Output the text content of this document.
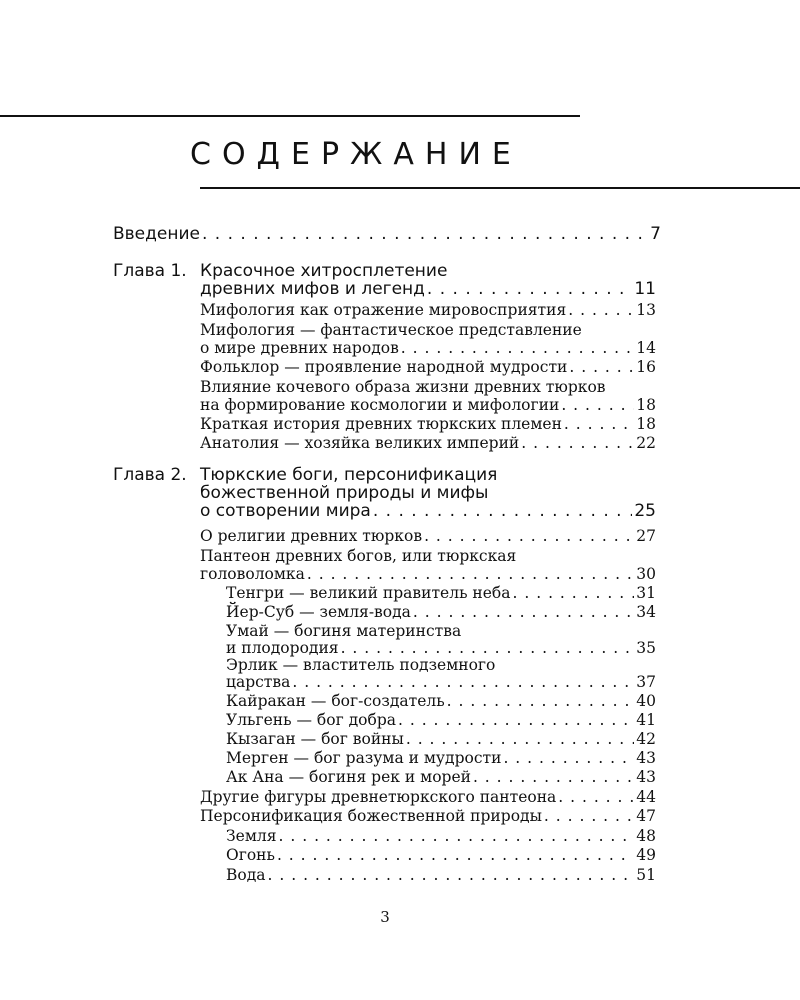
СОДЕРЖАНИЕ
Введение . . .	7
Глава 1. Красочное хитросплетение
древних мифов и легенд . . .	11
Мифология как отражение мировосприятия . . .	13
Мифология — фантастическое представление
о мире древних народов . . .	14
Фольклор — проявление народной мудрости . . .	16
Влияние кочевого образа жизни древних тюрков
на формирование космологии и мифологии . . .	18
Краткая история древних тюркских племен . . .	18
Анатолия — хозяйка великих империй . . .	22
Глава 2. Тюркские боги, персонификация
божественной природы и мифы
о сотворении мира . . .	25
О религии древних тюрков . . .	27
Пантеон древних богов, или тюркская
головоломка . . .	30
Тенгри — великий правитель неба . . .	31
Йер-Суб — земля-вода . . .	34
Умай — богиня материнства
и плодородия . . .	35
Эрлик — властитель подземного
царства . . .	37
Кайракан — бог-создатель . . .	40
Ульгень — бог добра . . .	41
Кызаган — бог войны . . .	42
Мерген — бог разума и мудрости . . .	43
Ак Ана — богиня рек и морей . . .	43
Другие фигуры древнетюркского пантеона . . .	44
Персонификация божественной природы . . .	47
Земля . . .	48
Огонь . . .	49
Вода . . .	51
3
